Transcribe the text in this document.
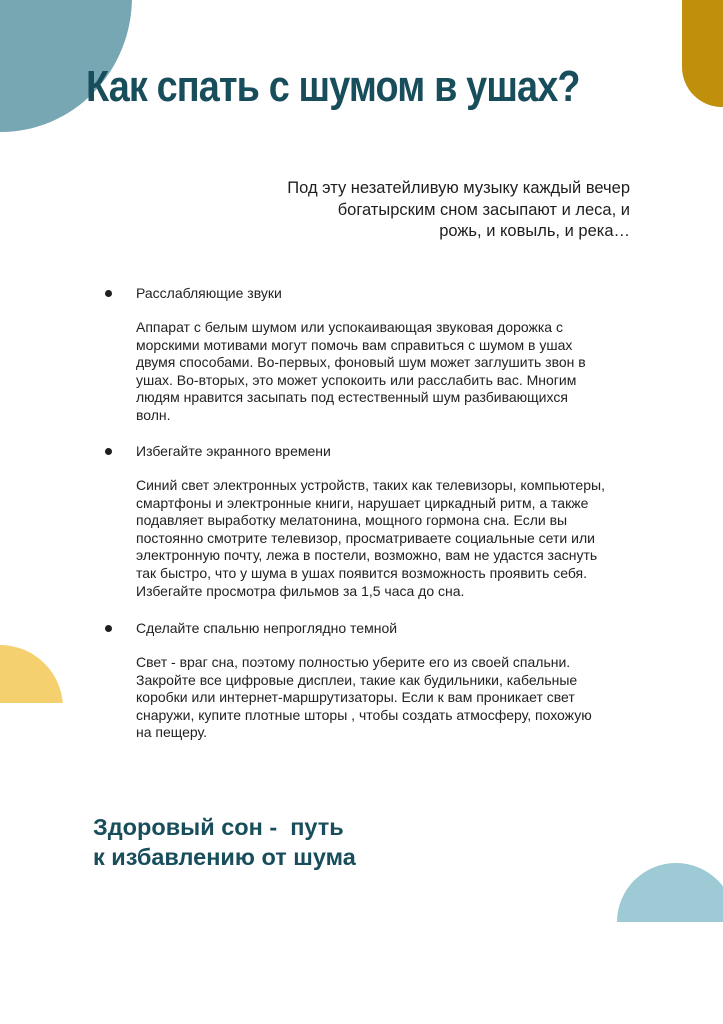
Как спать с шумом в ушах?
Под эту незатейливую музыку каждый вечер
богатырским сном засыпают и леса, и
рожь, и ковыль, и река…
Расслабляющие звуки
Аппарат с белым шумом или успокаивающая звуковая дорожка с
морскими мотивами могут помочь вам справиться с шумом в ушах
двумя способами. Во-первых, фоновый шум может заглушить звон в
ушах. Во-вторых, это может успокоить или расслабить вас. Многим
людям нравится засыпать под естественный шум разбивающихся
волн.
Избегайте экранного времени
Синий свет электронных устройств, таких как телевизоры, компьютеры,
смартфоны и электронные книги, нарушает циркадный ритм, а также
подавляет выработку мелатонина, мощного гормона сна. Если вы
постоянно смотрите телевизор, просматриваете социальные сети или
электронную почту, лежа в постели, возможно, вам не удастся заснуть
так быстро, что у шума в ушах появится возможность проявить себя.
Избегайте просмотра фильмов за 1,5 часа до сна.
Сделайте спальню непроглядно темной
Свет - враг сна, поэтому полностью уберите его из своей спальни.
Закройте все цифровые дисплеи, такие как будильники, кабельные
коробки или интернет-маршрутизаторы. Если к вам проникает свет
снаружи, купите плотные шторы , чтобы создать атмосферу, похожую
на пещеру.
Здоровый сон -  путь
к избавлению от шума
